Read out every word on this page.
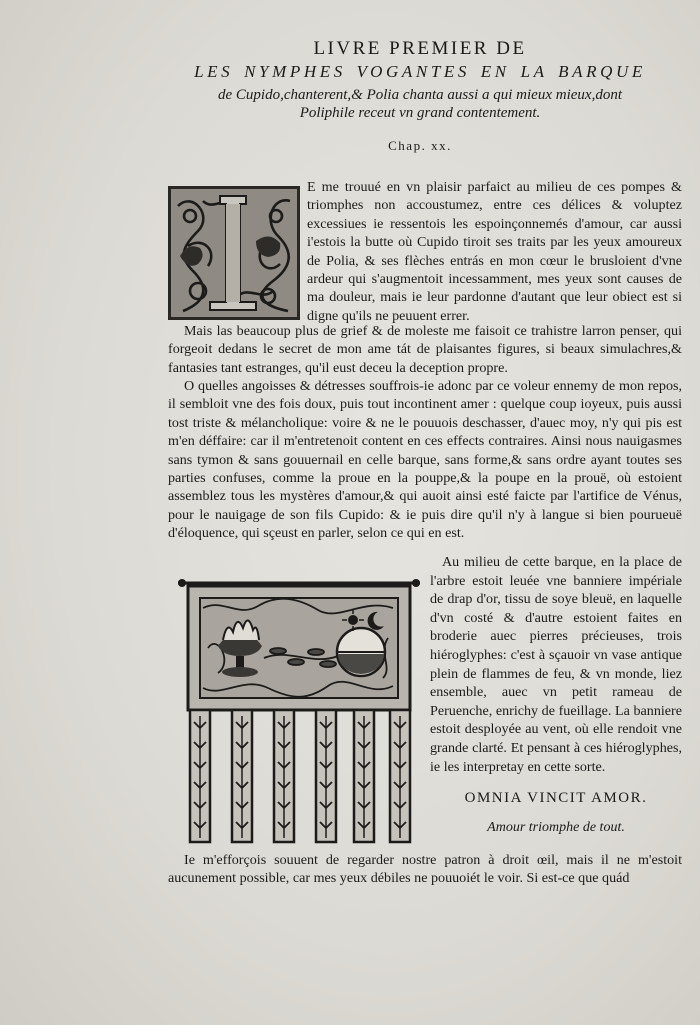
LIVRE PREMIER DE
LES NYMPHES VOGANTES EN LA BARQUE
de Cupido,chanterent,& Polia chanta aussi a qui mieux mieux,dont
Poliphile receut vn grand contentement.
Chap. xx.

E me trouué en vn plaisir parfaict au milieu de ces pompes & triomphes non accoustumez, entre ces délices & voluptez excessiues ie ressentois les espoinçonnemés d'amour, car aussi i'estois la butte où Cupido tiroit ses traits par les yeux amoureux de Polia, & ses flèches entrás en mon cœur le brusloient d'vne ardeur qui s'augmentoit incessamment, mes yeux sont causes de ma douleur, mais ie leur pardonne d'autant que leur obiect est si digne qu'ils ne peuuent errer.

Mais las beaucoup plus de grief & de moleste me faisoit ce trahistre larron penser, qui forgeoit dedans le secret de mon ame tát de plaisantes figures, si beaux simulachres,& fantasies tant estranges, qu'il eust deceu la deception propre.

O quelles angoisses & détresses souffrois-ie adonc par ce voleur ennemy de mon repos, il sembloit vne des fois doux, puis tout incontinent amer : quelque coup ioyeux, puis aussi tost triste & mélancholique: voire & ne le pouuois deschasser, d'auec moy, n'y qui pis est m'en déffaire: car il m'entretenoit content en ces effects contraires. Ainsi nous nauigasmes sans tymon & sans gouuernail en celle barque, sans forme,& sans ordre ayant toutes ses parties confuses, comme la proue en la pouppe,& la poupe en la prouë, où estoient assemblez tous les mystères d'amour,& qui auoit ainsi esté faicte par l'artifice de Vénus, pour le nauigage de son fils Cupido: & ie puis dire qu'il n'y à langue si bien pourueuë d'éloquence, qui sçeust en parler, selon ce qui en est.

Au milieu de cette barque, en la place de l'arbre estoit leuée vne banniere impériale de drap d'or, tissu de soye bleuë, en laquelle d'vn costé & d'autre estoient faites en broderie auec pierres précieuses, trois hiéroglyphes: c'est à sçauoir vn vase antique plein de flammes de feu, & vn monde, liez ensemble, auec vn petit rameau de Peruenche, enrichy de fueillage. La banniere estoit desployée au vent, où elle rendoit vne grande clarté. Et pensant à ces hiéroglyphes, ie les interpretay en cette sorte.

OMNIA VINCIT AMOR.
Amour triomphe de tout.

Ie m'efforçois souuent de regarder nostre patron à droit œil, mais il ne m'estoit aucunement possible, car mes yeux débiles ne pouuoiét le voir. Si est-ce que quád
